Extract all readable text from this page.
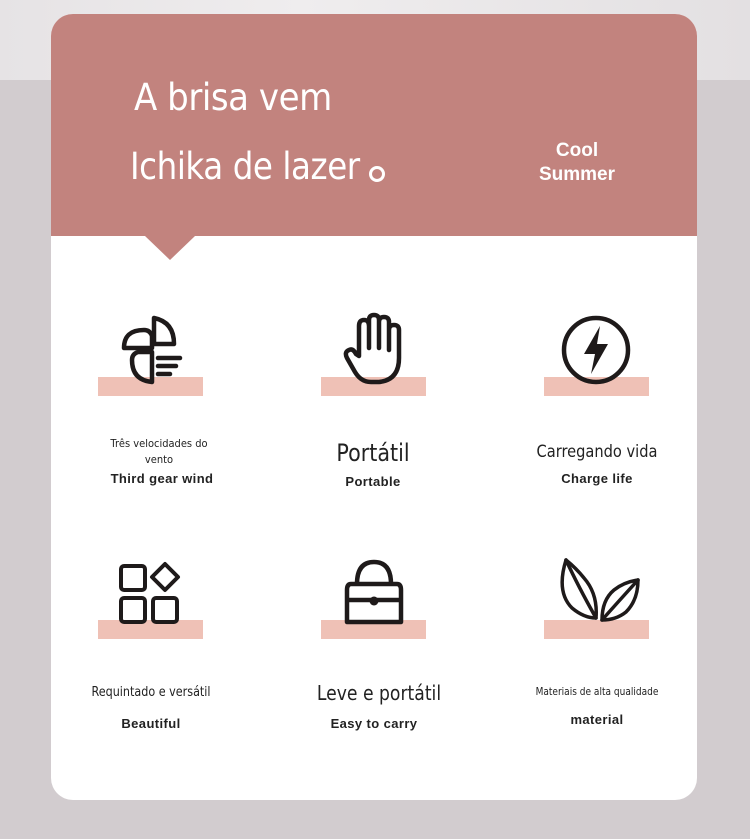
A brisa vem
Ichika de lazer	Cool
Summer
Três velocidades do
vento
Third gear wind
Portátil
Portable
Carregando vida
Charge life
Requintado e versátil
Beautiful
Leve e portátil
Easy to carry
Materiais de alta qualidade
material
